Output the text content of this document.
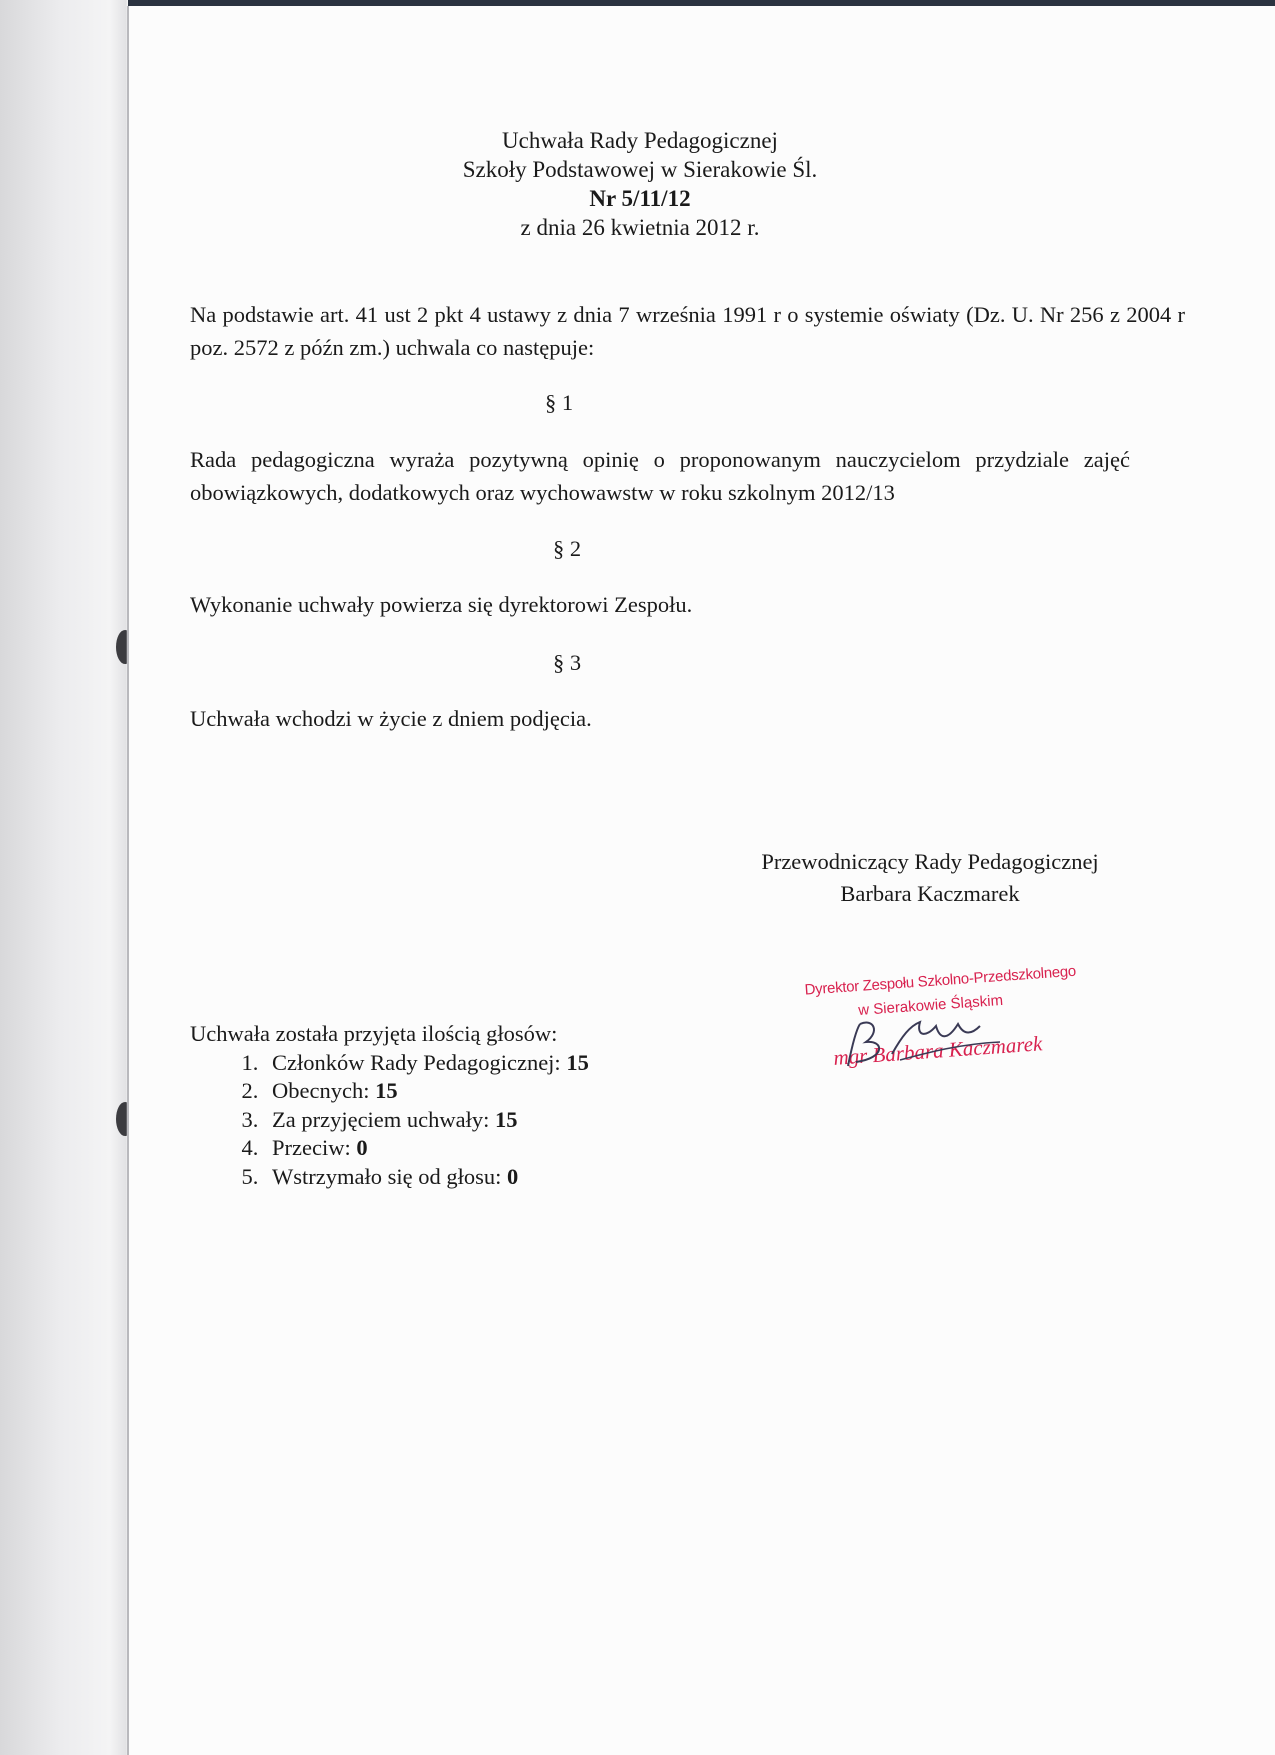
Uchwała Rady Pedagogicznej
Szkoły Podstawowej w Sierakowie Śl.
Nr 5/11/12
z dnia 26 kwietnia 2012 r.
Na podstawie art. 41 ust 2 pkt 4 ustawy z dnia 7 września 1991 r o systemie oświaty (Dz. U. Nr 256 z 2004 r poz. 2572 z późn zm.) uchwala co następuje:
§ 1
Rada pedagogiczna wyraża pozytywną opinię o proponowanym nauczycielom przydziale zajęć obowiązkowych, dodatkowych oraz wychowawstw w roku szkolnym 2012/13
§ 2
Wykonanie uchwały powierza się dyrektorowi Zespołu.
§ 3
Uchwała wchodzi w życie z dniem podjęcia.
Przewodniczący Rady Pedagogicznej
Barbara Kaczmarek
Dyrektor Zespołu Szkolno-Przedszkolnego
w Sierakowie Śląskim
mgr Barbara Kaczmarek
Uchwała została przyjęta ilością głosów:
1. Członków Rady Pedagogicznej: 15
2. Obecnych: 15
3. Za przyjęciem uchwały: 15
4. Przeciw: 0
5. Wstrzymało się od głosu: 0
